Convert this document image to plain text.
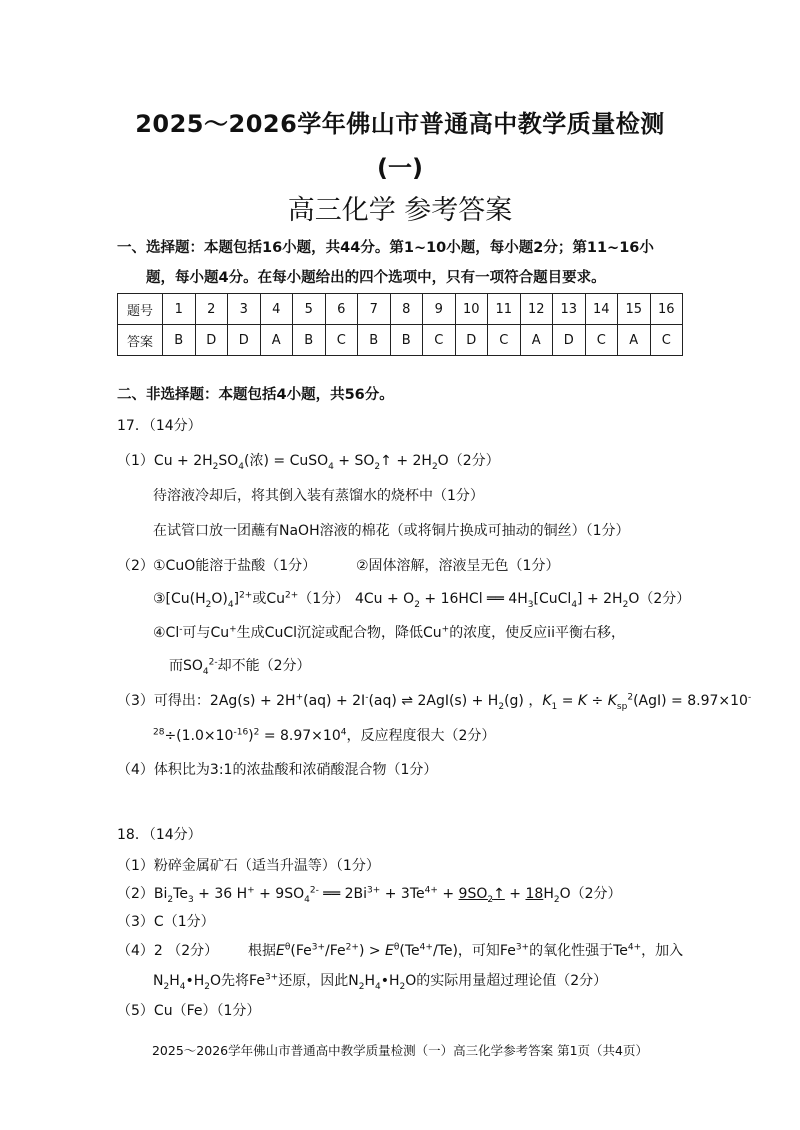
2025～2026学年佛山市普通高中教学质量检测
(一)
高三化学 参考答案
一、选择题：本题包括16小题，共44分。第1~10小题，每小题2分；第11~16小
题，每小题4分。在每小题给出的四个选项中，只有一项符合题目要求。
题号	1	2	3	4	5	6	7	8	9	10	11	12	13	14	15	16
答案	B	D	D	A	B	C	B	B	C	D	C	A	D	C	A	C
二、非选择题：本题包括4小题，共56分。
17．（14分）
$(1)Cu + 2H_2SO_4$(浓) = CuSO$_4$ + $SO_2↑ + 2H_2O(2$分）
待溶液冷却后，将其倒入装有蒸馏水的烧杯中（1分）
在试管口放一团蘸有NaOH溶液的棉花（或将铜片换成可抽动的铜丝）（1分）
（2） ①CuO能溶于盐酸（1分）	②固体溶解，溶液呈无色（1分）
$③[Cu(H_2O)_4]^{2+}$或$Cu^{2+}(1$分） $4Cu + O_2 + 16HCl$ ══ $4H_3[CuCl_4] + 2H_2O(2$分）
④Cl-可与Cu+生成CuCl沉淀或配合物，降低Cu+的浓度，使反应ii平衡右移，
而$SO_4^{2-}$却不能（2分）
（3）可得出：2Ag(s) + 2H+(aq) + 2I-(aq) ⇌ $2AgI(s) + H_2(g)$ ，$K_1 = K \div K_{sp}^2(AgI) = 8.97\times 10^-$
$^{28}\div(1.0\times 10^{-16})^2 = 8.97\times 10^4$，反应程度很大（2分）
（4）体积比为3:1的浓盐酸和浓硝酸混合物（1分）
18．（14分）
（1）粉碎金属矿石（适当升温等）（1分）
$(2)Bi_2Te_3 + 36$ $H^+ + 9SO_4^{2-}$ ══ $2Bi^{3+} + 3Te^{4+}$ + $9SO_2↑ + 18H_2O(2$分）
（3）C（1分）
（4）2 （2分） 根据$E^\theta(Fe^{3+}/Fe^{2+}) > E^\theta(Te^{4+}/Te)$，可知$Fe^{3+}$的氧化性强于$Te^{4+}$，加入
$N_2H_4•H_2O$先将$Fe^{3+}$还原，因此$N_2H_4•H_2O$的实际用量超过理论值（2分）
（5）Cu（Fe）（1分）
2025～2026学年佛山市普通高中教学质量检测（一）高三化学参考答案 第1页（共4页）
